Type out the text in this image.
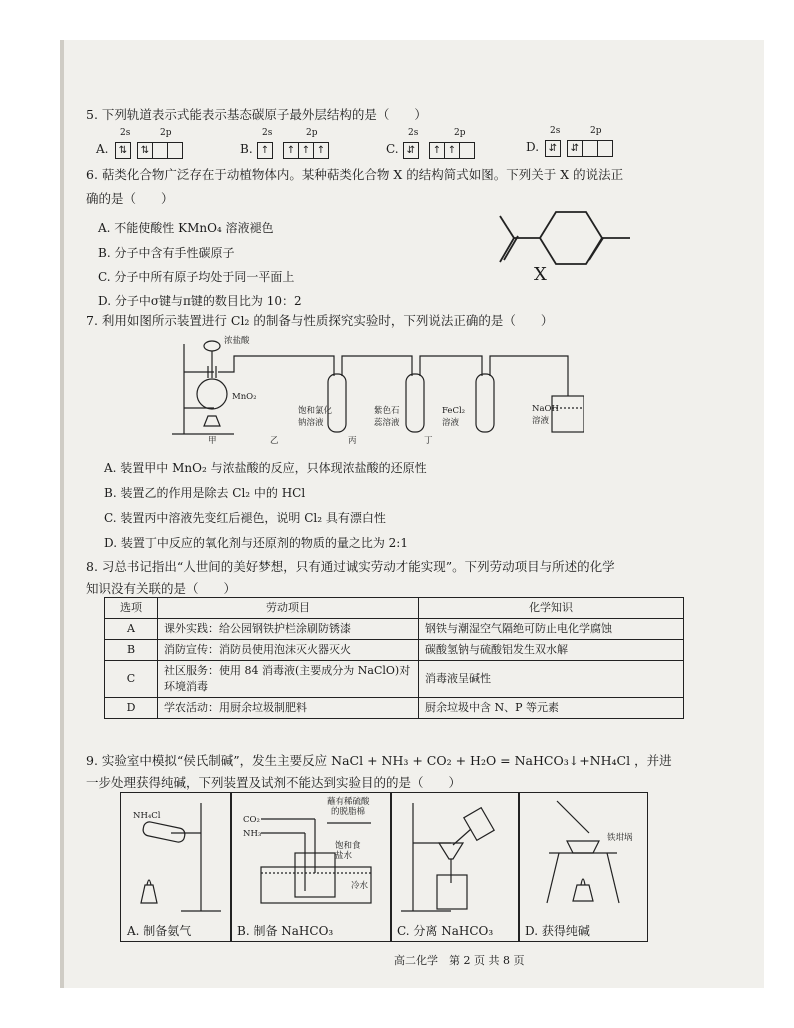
5. 下列轨道表示式能表示基态碳原子最外层结构的是（　　）
A.
2s	2p
⇅	⇅	B.
2s	2p
↑	↑ ↑ ↑	C.
2s	2p
⇵	↑ ↑	D.
2s	2p
⇵	⇵
6. 萜类化合物广泛存在于动植物体内。某种萜类化合物 X 的结构简式如图。下列关于 X 的说法正
确的是（　　）
A. 不能使酸性 KMnO₄ 溶液褪色
B. 分子中含有手性碳原子
C. 分子中所有原子均处于同一平面上
D. 分子中σ键与π键的数目比为 10：2
X
7. 利用如图所示装置进行 Cl₂ 的制备与性质探究实验时，下列说法正确的是（　　）
浓盐酸
MnO₂
饱和氯化
钠溶液
紫色石
蕊溶液
FeCl₂
溶液
NaOH
溶液
甲	乙	丙	丁
A. 装置甲中 MnO₂ 与浓盐酸的反应，只体现浓盐酸的还原性
B. 装置乙的作用是除去 Cl₂ 中的 HCl
C. 装置丙中溶液先变红后褪色，说明 Cl₂ 具有漂白性
D. 装置丁中反应的氧化剂与还原剂的物质的量之比为 2:1
8. 习总书记指出“人世间的美好梦想，只有通过诚实劳动才能实现”。下列劳动项目与所述的化学
知识没有关联的是（　　）
选项	劳动项目	化学知识
A	课外实践：给公园钢铁护栏涂刷防锈漆	钢铁与潮湿空气隔绝可防止电化学腐蚀
B	消防宣传：消防员使用泡沫灭火器灭火	碳酸氢钠与硫酸铝发生双水解
C	社区服务：使用 84 消毒液(主要成分为 NaClO)对环境消毒	消毒液呈碱性
D	学农活动：用厨余垃圾制肥料	厨余垃圾中含 N、P 等元素
9. 实验室中模拟“侯氏制碱”，发生主要反应 NaCl + NH₃ + CO₂ + H₂O = NaHCO₃↓+NH₄Cl ，并进
一步处理获得纯碱，下列装置及试剂不能达到实验目的的是（　　）
NH₄Cl
A. 制备氨气
CO₂
NH₃
蘸有稀硫酸
的脱脂棉
饱和食
盐水
冷水
B. 制备 NaHCO₃	C. 分离 NaHCO₃
铁坩埚
D. 获得纯碱
高二化学　第 2 页 共 8 页
